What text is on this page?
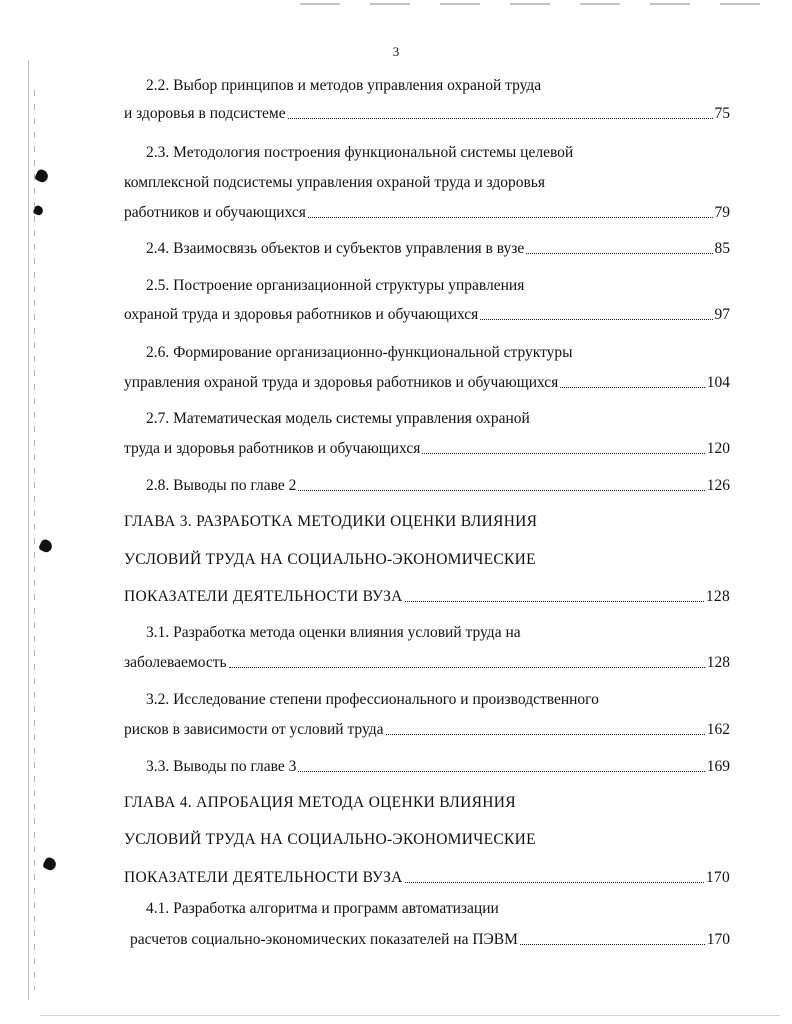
3
2.2. Выбор принципов и методов управления охраной труда
и здоровья в подсистеме	75
2.3. Методология построения функциональной системы целевой
комплексной подсистемы управления охраной труда и здоровья
работников и обучающихся	79
2.4. Взаимосвязь объектов и субъектов управления в вузе	85
2.5. Построение организационной структуры управления
охраной труда и здоровья работников и обучающихся	97
2.6. Формирование организационно-функциональной структуры
управления охраной труда и здоровья работников и обучающихся	104
2.7. Математическая модель системы управления охраной
труда и здоровья работников и обучающихся	120
2.8. Выводы по главе 2	126
ГЛАВА 3. РАЗРАБОТКА МЕТОДИКИ ОЦЕНКИ ВЛИЯНИЯ
УСЛОВИЙ ТРУДА НА СОЦИАЛЬНО-ЭКОНОМИЧЕСКИЕ
ПОКАЗАТЕЛИ ДЕЯТЕЛЬНОСТИ ВУЗА	128
3.1. Разработка метода оценки влияния условий труда на
заболеваемость	128
3.2. Исследование степени профессионального и производственного
рисков в зависимости от условий труда	162
3.3. Выводы по главе 3	169
ГЛАВА 4. АПРОБАЦИЯ МЕТОДА ОЦЕНКИ ВЛИЯНИЯ
УСЛОВИЙ ТРУДА НА СОЦИАЛЬНО-ЭКОНОМИЧЕСКИЕ
ПОКАЗАТЕЛИ ДЕЯТЕЛЬНОСТИ ВУЗА	170
4.1. Разработка алгоритма и программ автоматизации
расчетов социально-экономических показателей на ПЭВМ	170
